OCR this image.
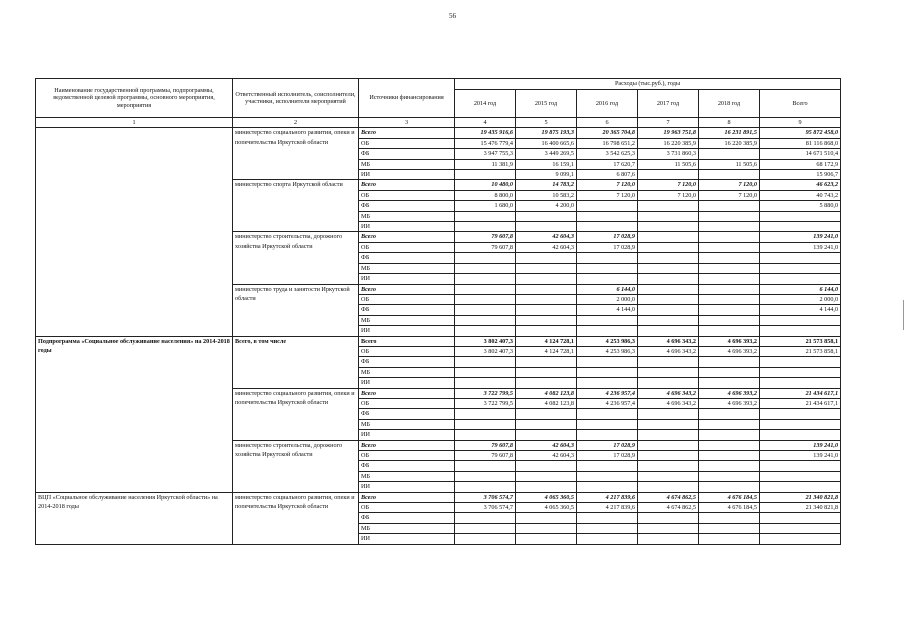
56
Наименование государственной программы, подпрограммы, ведомственной целевой программы, основного мероприятия, мероприятия	Ответственный исполнитель, соисполнители, участники, исполнители мероприятий	Источники финансирования	Расходы (тыс.руб.), годы					
			2014 год	2015 год	2016 год	2017 год	2018 год	Всего
1	2	3	4	5	6	7	8	9
	министерство социального развития, опеки и попечительства Иркутской области	Всего	19 435 916,6	19 875 193,3	20 365 704,8	19 963 751,8	16 231 891,5	95 872 458,0
		ОБ	15 476 779,4	16 400 665,6	16 798 651,2	16 220 385,9	16 220 385,9	81 116 868,0
		ФБ	3 947 755,3	3 449 269,5	3 542 625,3	3 731 860,3		14 671 510,4
		МБ	11 381,9	16 159,1	17 620,7	11 505,6	11 505,6	68 172,9
		ИИ		9 099,1	6 807,6			15 906,7
	министерство спорта Иркутской области	Всего	10 480,0	14 783,2	7 120,0	7 120,0	7 120,0	46 623,2
		ОБ	8 800,0	10 583,2	7 120,0	7 120,0	7 120,0	40 743,2
		ФБ	1 680,0	4 200,0				5 880,0
		МБ						
		ИИ						
	министерство строительства, дорожного хозяйства Иркутской области	Всего	79 607,8	42 604,3	17 028,9			139 241,0
		ОБ	79 607,8	42 604,3	17 028,9			139 241,0
		ФБ						
		МБ						
		ИИ						
	министерство труда и занятости Иркутской области	Всего			6 144,0			6 144,0
		ОБ			2 000,0			2 000,0
		ФБ			4 144,0			4 144,0
		МБ						
		ИИ						
Подпрограмма «Социальное обслуживание населения» на 2014-2018 годы	Всего, в том числе	Всего	3 802 407,3	4 124 728,1	4 253 986,3	4 696 343,2	4 696 393,2	21 573 858,1
		ОБ	3 802 407,3	4 124 728,1	4 253 986,3	4 696 343,2	4 696 393,2	21 573 858,1
		ФБ						
		МБ						
		ИИ						
	министерство социального развития, опеки и попечительства Иркутской области	Всего	3 722 799,5	4 082 123,8	4 236 957,4	4 696 343,2	4 696 393,2	21 434 617,1
		ОБ	3 722 799,5	4 082 123,8	4 236 957,4	4 696 343,2	4 696 393,2	21 434 617,1
		ФБ						
		МБ						
		ИИ						
	министерство строительства, дорожного хозяйства Иркутской области	Всего	79 607,8	42 604,3	17 028,9			139 241,0
		ОБ	79 607,8	42 604,3	17 028,9			139 241,0
		ФБ						
		МБ						
		ИИ						
ВЦП «Социальное обслуживание населения Иркутской области» на 2014-2018 годы	министерство социального развития, опеки и попечительства Иркутской области	Всего	3 706 574,7	4 065 360,5	4 217 839,6	4 674 862,5	4 676 184,5	21 340 821,8
		ОБ	3 706 574,7	4 065 360,5	4 217 839,6	4 674 862,5	4 676 184,5	21 340 821,8
		ФБ						
		МБ						
		ИИ						
